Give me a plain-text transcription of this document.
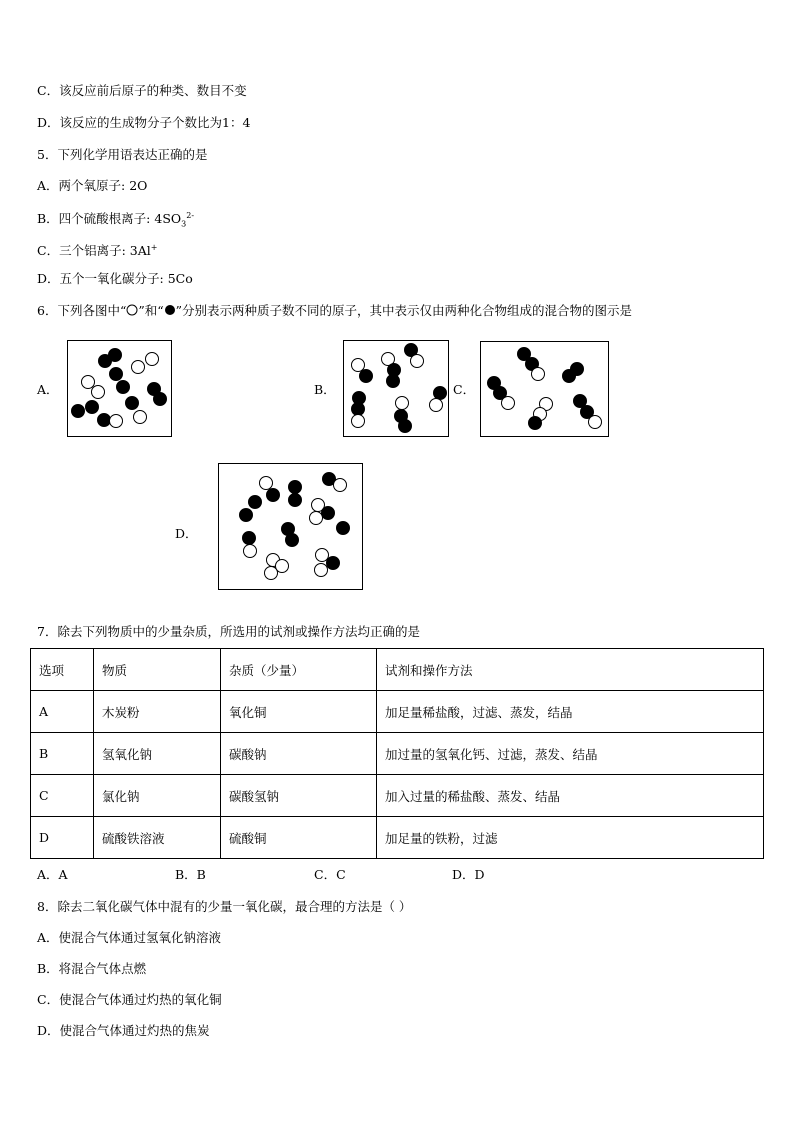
C．该反应前后原子的种类、数目不变
D．该反应的生成物分子个数比为1：4
5．下列化学用语表达正确的是
A．两个氧原子: 2O
B．四个硫酸根离子: $4SO_3^{2-}$
C．三个铝离子: 3Al+
D．五个一氧化碳分子: 5Co
6．下列各图中“ ”和“ ”分别表示两种质子数不同的原子，其中表示仅由两种化合物组成的混合物的图示是
A．	B．	C．
D．
7．除去下列物质中的少量杂质，所选用的试剂或操作方法均正确的是
选项	物质	杂质（少量）	试剂和操作方法
A	木炭粉	氧化铜	加足量稀盐酸，过滤、蒸发，结晶
B	氢氧化钠	碳酸钠	加过量的氢氧化钙、过滤，蒸发、结晶
C	氯化钠	碳酸氢钠	加入过量的稀盐酸、蒸发、结晶
D	硫酸铁溶液	硫酸铜	加足量的铁粉，过滤
A．A	B．B	C．C	D．D
8．除去二氧化碳气体中混有的少量一氧化碳，最合理的方法是（ ）
A．使混合气体通过氢氧化钠溶液
B．将混合气体点燃
C．使混合气体通过灼热的氧化铜
D．使混合气体通过灼热的焦炭
